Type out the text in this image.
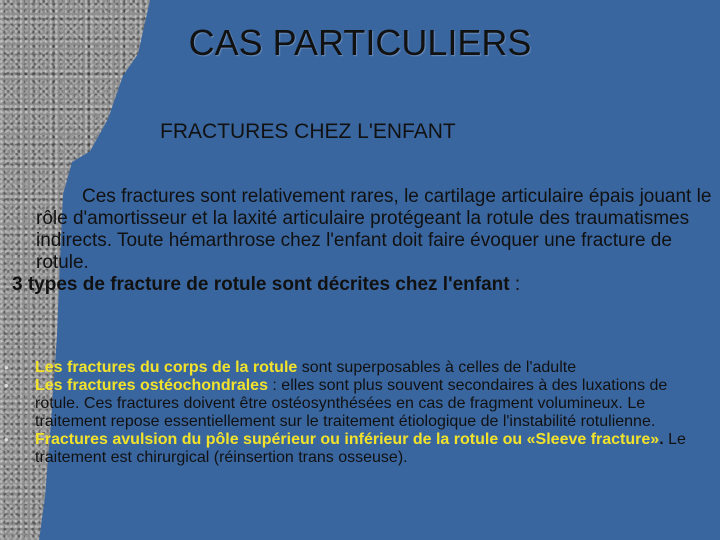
CAS PARTICULIERS
FRACTURES CHEZ L'ENFANT
Ces fractures sont relativement rares, le cartilage articulaire épais jouant le rôle d'amortisseur et la laxité articulaire protégeant la rotule des traumatismes indirects. Toute hémarthrose chez l'enfant doit faire évoquer une fracture de rotule.
3 types de fracture de rotule sont décrites chez l'enfant :
• Les fractures du corps de la rotule sont superposables à celles de l'adulte
• Les fractures ostéochondrales : elles sont plus souvent secondaires à des luxations de rotule. Ces fractures doivent être ostéosynthésées en cas de fragment volumineux. Le traitement repose essentiellement sur le traitement étiologique de l'instabilité rotulienne.
• Fractures avulsion du pôle supérieur ou inférieur de la rotule ou «Sleeve fracture». Le traitement est chirurgical (réinsertion trans osseuse).
